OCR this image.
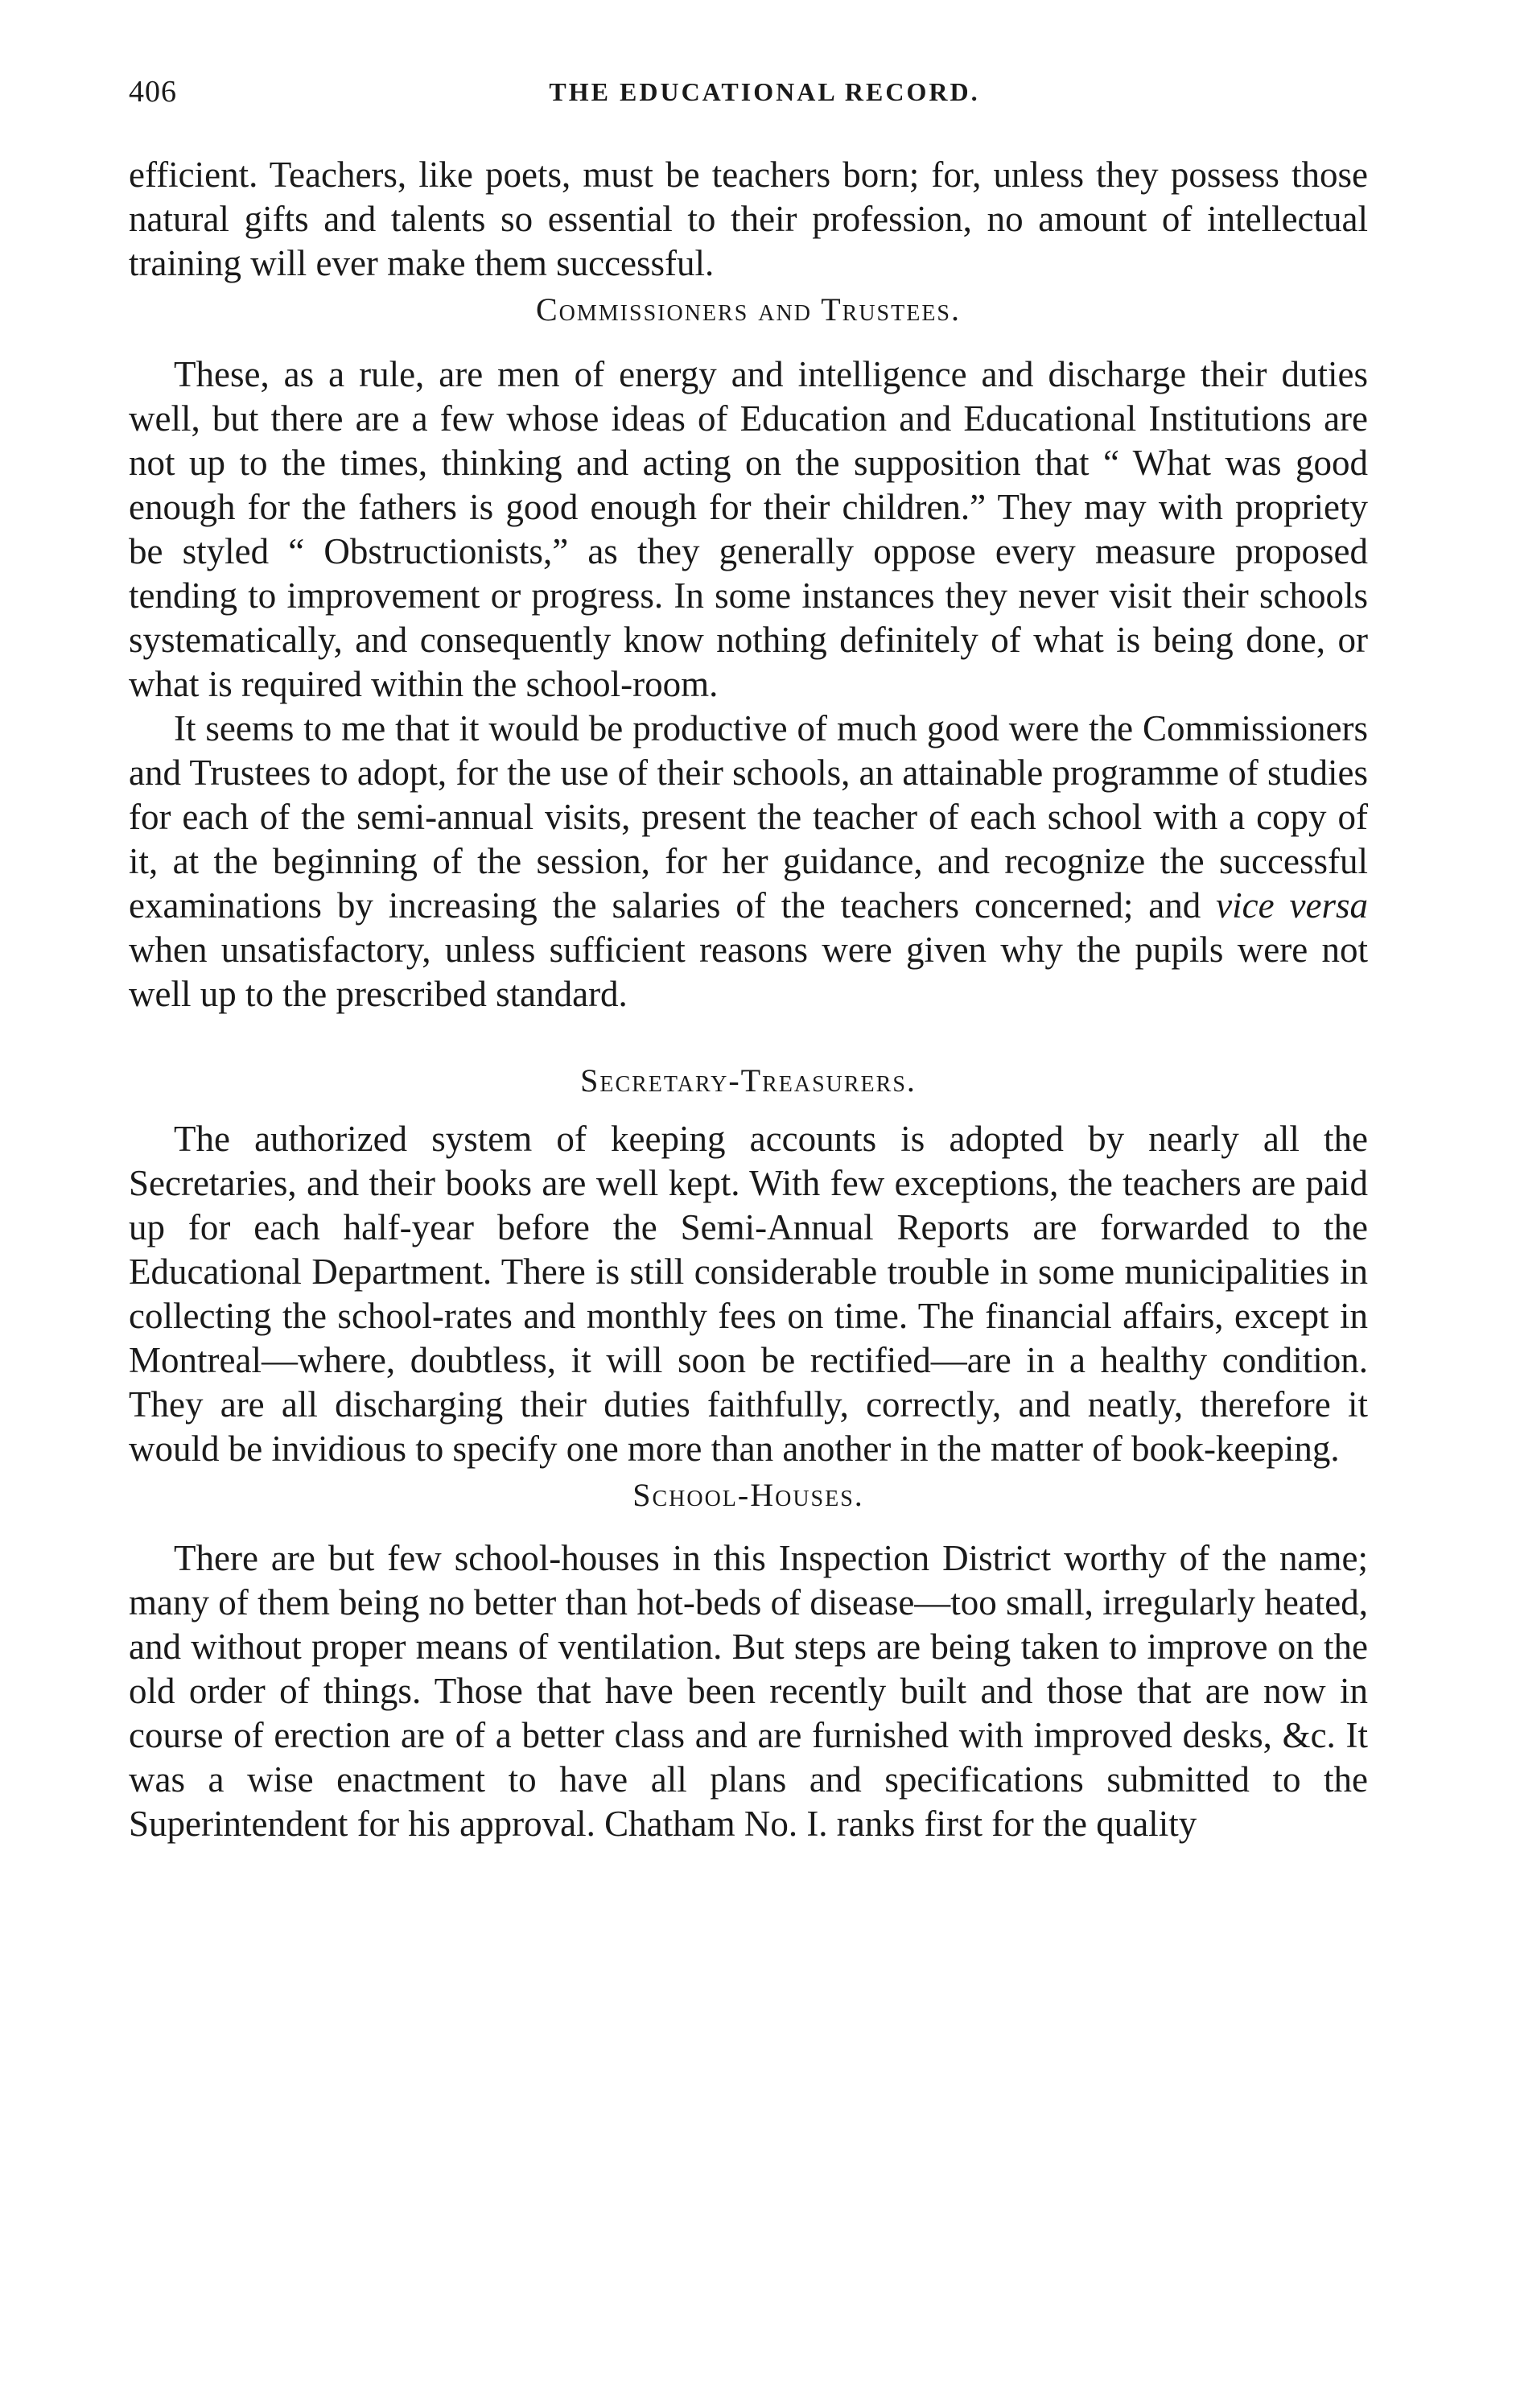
406	THE EDUCATIONAL RECORD.

efficient. Teachers, like poets, must be teachers born; for, unless they possess those natural gifts and talents so essential to their profession, no amount of intellectual training will ever make them successful.

Commissioners and Trustees.

These, as a rule, are men of energy and intelligence and discharge their duties well, but there are a few whose ideas of Education and Educational Institutions are not up to the times, thinking and acting on the supposition that “ What was good enough for the fathers is good enough for their children.” They may with propriety be styled “ Obstructionists,” as they generally oppose every measure proposed tending to improvement or progress. In some instances they never visit their schools systematically, and consequently know nothing definitely of what is being done, or what is required within the school-room.

It seems to me that it would be productive of much good were the Commissioners and Trustees to adopt, for the use of their schools, an attainable programme of studies for each of the semi-annual visits, present the teacher of each school with a copy of it, at the beginning of the session, for her guidance, and recognize the successful examinations by increasing the salaries of the teachers concerned; and vice versa when unsatisfactory, unless sufficient reasons were given why the pupils were not well up to the prescribed standard.

Secretary-Treasurers.

The authorized system of keeping accounts is adopted by nearly all the Secretaries, and their books are well kept. With few exceptions, the teachers are paid up for each half-year before the Semi-Annual Reports are forwarded to the Educational Department. There is still considerable trouble in some municipalities in collecting the school-rates and monthly fees on time. The financial affairs, except in Montreal—where, doubtless, it will soon be rectified—are in a healthy condition. They are all discharging their duties faithfully, correctly, and neatly, therefore it would be invidious to specify one more than another in the matter of book-keeping.

School-Houses.

There are but few school-houses in this Inspection District worthy of the name; many of them being no better than hot-beds of disease—too small, irregularly heated, and without proper means of ventilation. But steps are being taken to improve on the old order of things. Those that have been recently built and those that are now in course of erection are of a better class and are furnished with improved desks, &c. It was a wise enactment to have all plans and specifications submitted to the Superintendent for his approval. Chatham No. I. ranks first for the quality
